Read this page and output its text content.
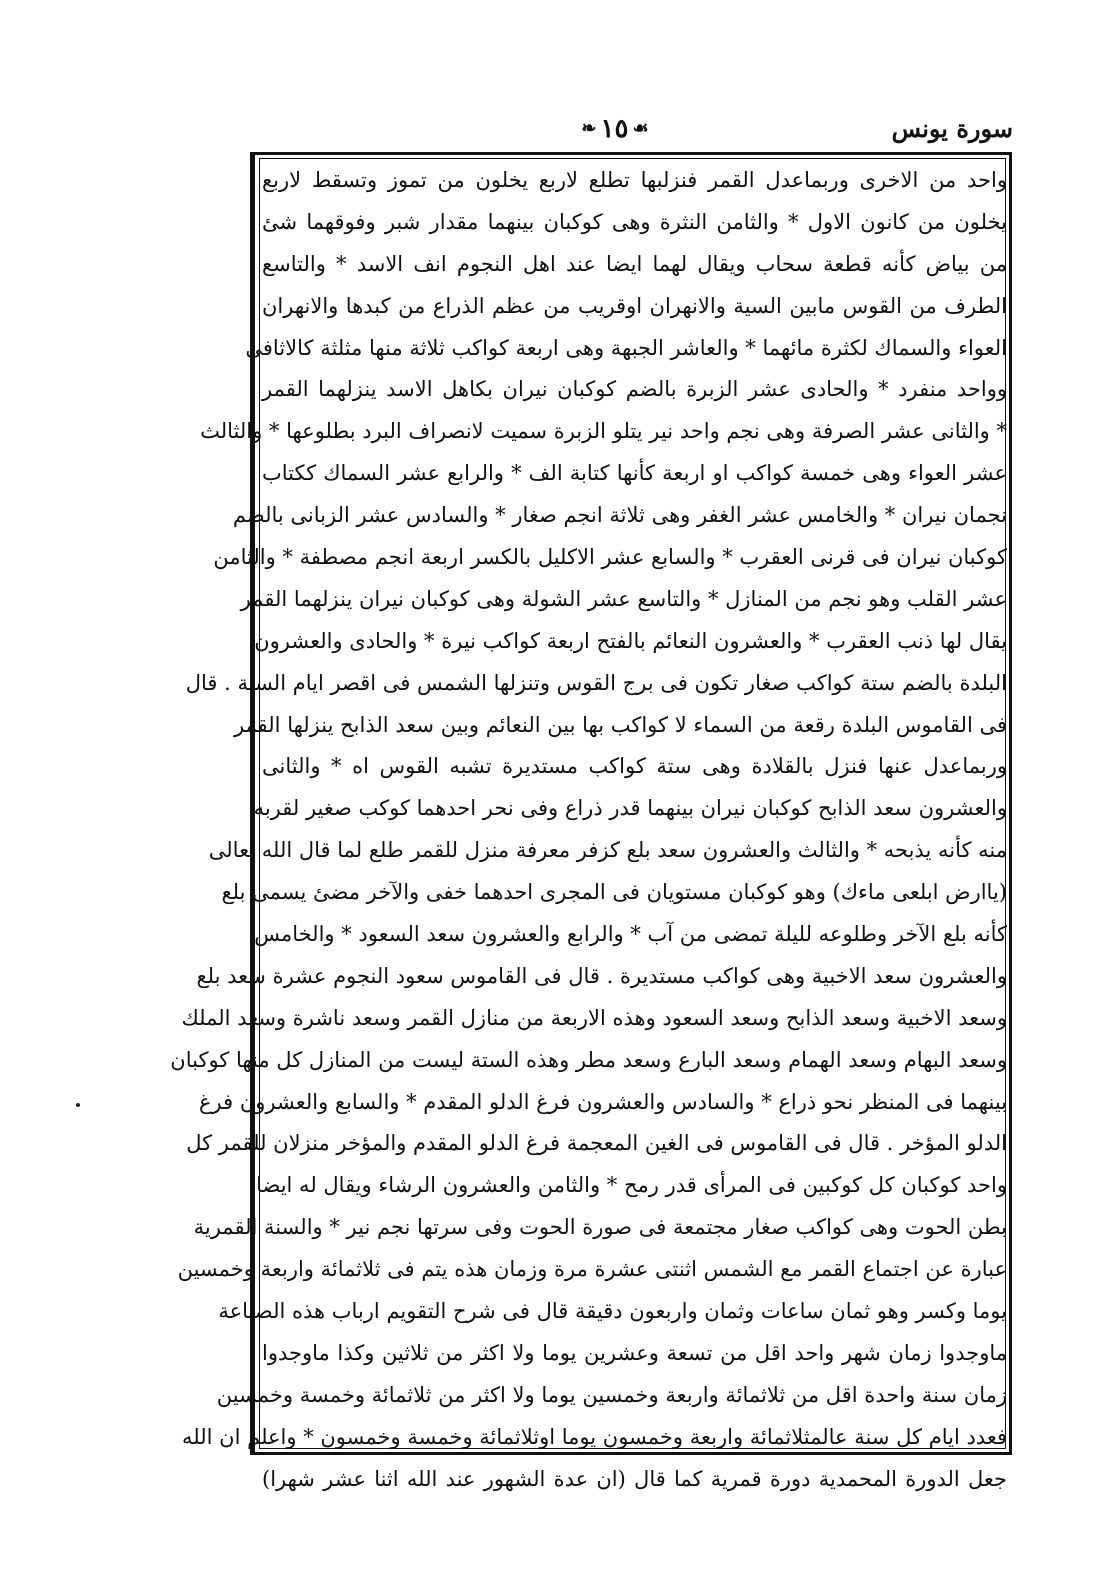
سورة يونس
❧ ١٥ ☙
واحد من الاخرى وربماعدل القمر فنزلبها تطلع لاربع يخلون من تموز وتسقط لاربع
يخلون من كانون الاول * والثامن النثرة وهى كوكبان بينهما مقدار شبر وفوقهما شئ
من بياض كأنه قطعة سحاب ويقال لهما ايضا عند اهل النجوم انف الاسد * والتاسع
الطرف من القوس مابين السية والانهران اوقريب من عظم الذراع من كبدها والانهران
العواء والسماك لكثرة مائهما * والعاشر الجبهة وهى اربعة كواكب ثلاثة منها مثلثة كالاثافى
وواحد منفرد * والحادى عشر الزبرة بالضم كوكبان نيران بكاهل الاسد ينزلهما القمر
* والثانى عشر الصرفة وهى نجم واحد نير يتلو الزبرة سميت لانصراف البرد بطلوعها * والثالث
عشر العواء وهى خمسة كواكب او اربعة كأنها كتابة الف * والرابع عشر السماك ككتاب
نجمان نيران * والخامس عشر الغفر وهى ثلاثة انجم صغار * والسادس عشر الزبانى بالضم
كوكبان نيران فى قرنى العقرب * والسابع عشر الاكليل بالكسر اربعة انجم مصطفة * والثامن
عشر القلب وهو نجم من المنازل * والتاسع عشر الشولة وهى كوكبان نيران ينزلهما القمر
يقال لها ذنب العقرب * والعشرون النعائم بالفتح اربعة كواكب نيرة * والحادى والعشرون
البلدة بالضم ستة كواكب صغار تكون فى برج القوس وتنزلها الشمس فى اقصر ايام السنة . قال
فى القاموس البلدة رقعة من السماء لا كواكب بها بين النعائم وبين سعد الذابح ينزلها القمر
وربماعدل عنها فنزل بالقلادة وهى ستة كواكب مستديرة تشبه القوس اه * والثانى
والعشرون سعد الذابح كوكبان نيران بينهما قدر ذراع وفى نحر احدهما كوكب صغير لقربه
منه كأنه يذبحه * والثالث والعشرون سعد بلع كزفر معرفة منزل للقمر طلع لما قال الله تعالى
(ياارض ابلعى ماءك) وهو كوكبان مستويان فى المجرى احدهما خفى والآخر مضئ يسمى بلع
كأنه بلع الآخر وطلوعه لليلة تمضى من آب * والرابع والعشرون سعد السعود * والخامس
والعشرون سعد الاخبية وهى كواكب مستديرة . قال فى القاموس سعود النجوم عشرة سعد بلع
وسعد الاخبية وسعد الذابح وسعد السعود وهذه الاربعة من منازل القمر وسعد ناشرة وسعد الملك
وسعد البهام وسعد الهمام وسعد البارع وسعد مطر وهذه الستة ليست من المنازل كل منها كوكبان
بينهما فى المنظر نحو ذراع * والسادس والعشرون فرغ الدلو المقدم * والسابع والعشرون فرغ
الدلو المؤخر . قال فى القاموس فى الغين المعجمة فرغ الدلو المقدم والمؤخر منزلان للقمر كل
واحد كوكبان كل كوكبين فى المرأى قدر رمح * والثامن والعشرون الرشاء ويقال له ايضا
بطن الحوت وهى كواكب صغار مجتمعة فى صورة الحوت وفى سرتها نجم نير * والسنة القمرية
عبارة عن اجتماع القمر مع الشمس اثنتى عشرة مرة وزمان هذه يتم فى ثلاثمائة واربعة وخمسين
يوما وكسر وهو ثمان ساعات وثمان واربعون دقيقة قال فى شرح التقويم ارباب هذه الصناعة
ماوجدوا زمان شهر واحد اقل من تسعة وعشرين يوما ولا اكثر من ثلاثين وكذا ماوجدوا
زمان سنة واحدة اقل من ثلاثمائة واربعة وخمسين يوما ولا اكثر من ثلاثمائة وخمسة وخمسين
فعدد ايام كل سنة عالمثلاثمائة واربعة وخمسون يوما اوثلاثمائة وخمسة وخمسون * واعلم ان الله
جعل الدورة المحمدية دورة قمرية كما قال (ان عدة الشهور عند الله اثنا عشر شهرا)
